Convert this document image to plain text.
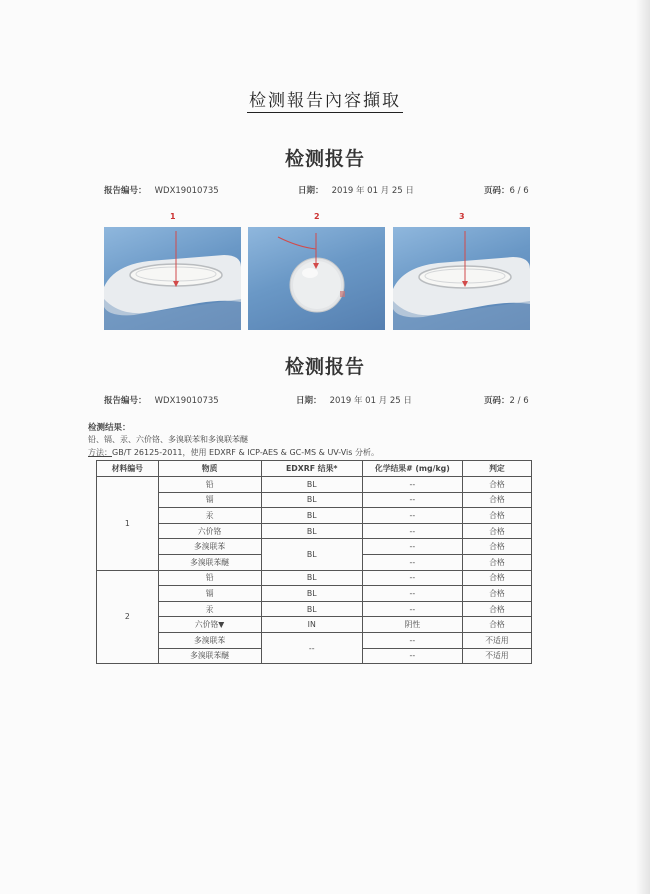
检测報告內容擷取
检测报告
报告编号： WDX19010735	日期： 2019 年 01 月 25 日	页码：6 / 6
1	2	3
检测报告
报告编号： WDX19010735	日期： 2019 年 01 月 25 日	页码：2 / 6
检测结果：
铅、镉、汞、六价铬、多溴联苯和多溴联苯醚
方法：GB/T 26125-2011，使用 EDXRF & ICP-AES & GC-MS & UV-Vis 分析。
材料编号	物质	EDXRF 结果*	化学结果# (mg/kg)	判定
1	铅	BL	--	合格
	镉	BL	--	合格
	汞	BL	--	合格
	六价铬	BL	--	合格
	多溴联苯	BL	--	合格
	多溴联苯醚		--	合格
2	铅	BL	--	合格
	镉	BL	--	合格
	汞	BL	--	合格
	六价铬▼	IN	阴性	合格
	多溴联苯	--	--	不适用
	多溴联苯醚		--	不适用
